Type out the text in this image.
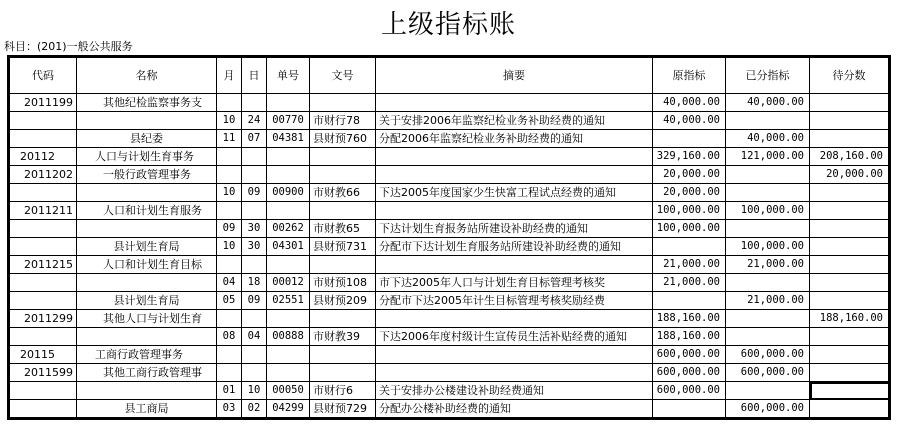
上级指标账
科目：(201)一般公共服务
代码	名称	月	日	单号	文号	摘要	原指标	已分指标	待分数
2011199	其他纪检监察事务支						40,000.00	40,000.00	
		10	24	00770	市财行78	关于安排2006年监察纪检业务补助经费的通知	40,000.00		
	县纪委	11	07	04381	县财预760	分配2006年监察纪检业务补助经费的通知		40,000.00	
20112	人口与计划生育事务						329,160.00	121,000.00	208,160.00
2011202	一般行政管理事务						20,000.00		20,000.00
		10	09	00900	市财教66	下达2005年度国家少生快富工程试点经费的通知	20,000.00		
2011211	人口和计划生育服务						100,000.00	100,000.00	
		09	30	00262	市财教65	下达计划生育报务站所建设补助经费的通知	100,000.00		
	县计划生育局	10	30	04301	县财预731	分配市下达计划生育服务站所建设补助经费的通知		100,000.00	
2011215	人口和计划生育目标						21,000.00	21,000.00	
		04	18	00012	市财预108	市下达2005年人口与计划生育目标管理考核奖	21,000.00		
	县计划生育局	05	09	02551	县财预209	分配市下达2005年计生目标管理考核奖励经费		21,000.00	
2011299	其他人口与计划生育						188,160.00		188,160.00
		08	04	00888	市财教39	下达2006年度村级计生宣传员生活补贴经费的通知	188,160.00		
20115	工商行政管理事务						600,000.00	600,000.00	
2011599	其他工商行政管理事						600,000.00	600,000.00	
		01	10	00050	市财行6	关于安排办公楼建设补助经费通知	600,000.00		
	县工商局	03	02	04299	县财预729	分配办公楼补助经费的通知		600,000.00	
